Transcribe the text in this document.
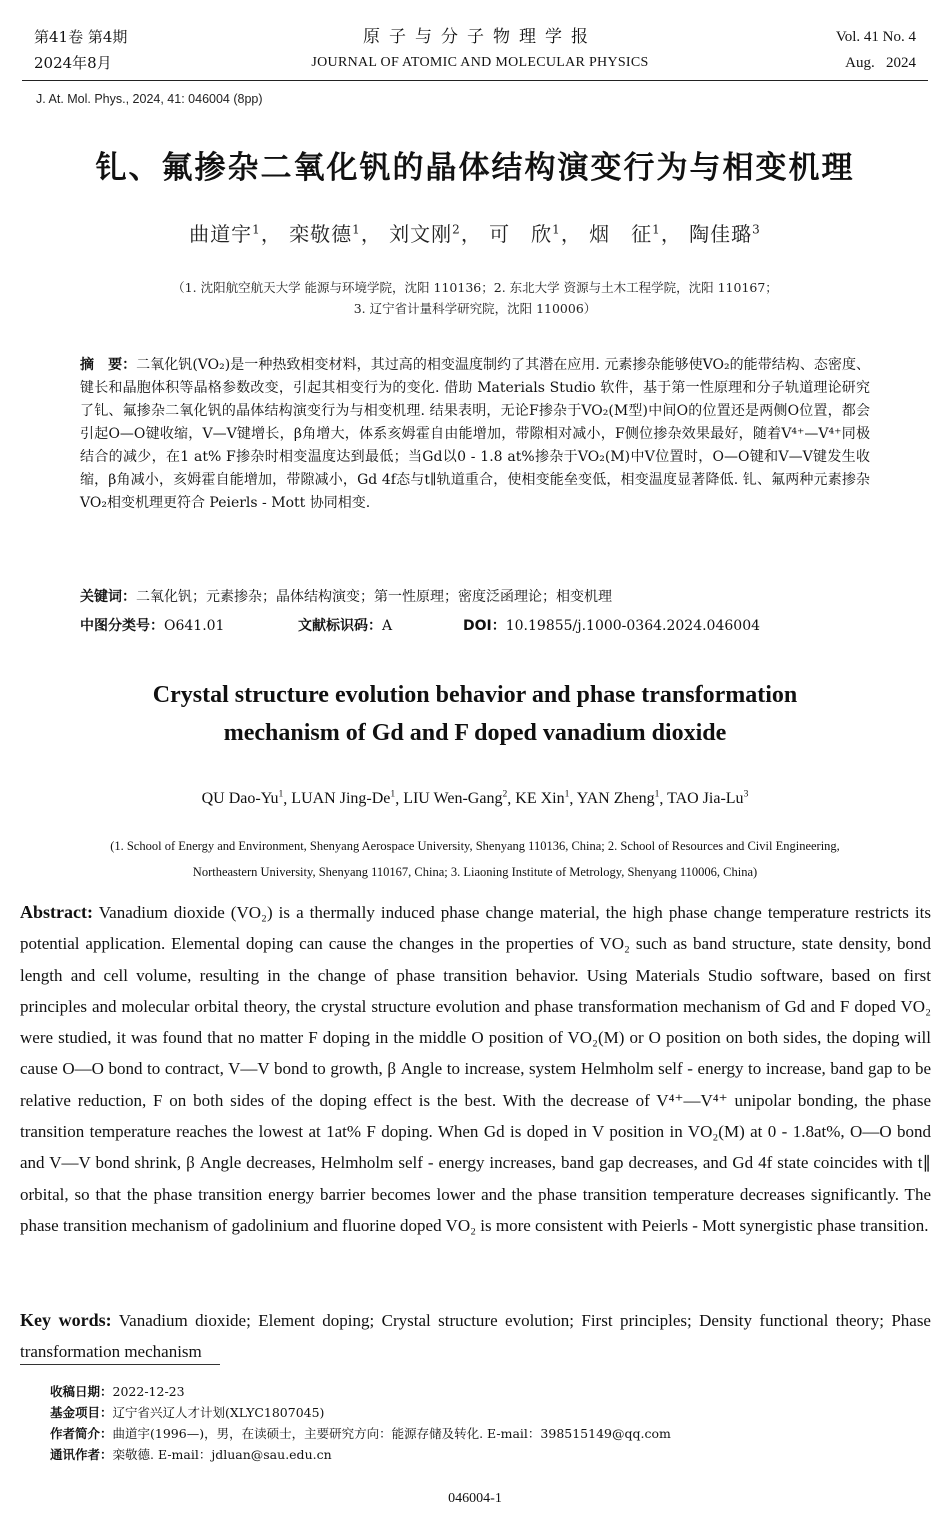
第41卷 第4期
2024年8月
原子与分子物理学报
JOURNAL OF ATOMIC AND MOLECULAR PHYSICS
Vol. 41 No. 4
Aug.   2024
J. At. Mol. Phys., 2024, 41: 046004 (8pp)
钆、氟掺杂二氧化钒的晶体结构演变行为与相变机理
曲道宇$^1$， 栾敬德$^1$， 刘文刚$^2$， 可　欣$^1$， 烟　征$^1$， 陶佳璐$^3$
（1. 沈阳航空航天大学 能源与环境学院，沈阳 110136；2. 东北大学 资源与土木工程学院，沈阳 110167；
3. 辽宁省计量科学研究院，沈阳 110006）
摘　要：二氧化钒(VO₂)是一种热致相变材料，其过高的相变温度制约了其潜在应用. 元素掺杂能够使VO₂的能带结构、态密度、键长和晶胞体积等晶格参数改变，引起其相变行为的变化. 借助 Materials Studio 软件，基于第一性原理和分子轨道理论研究了钆、氟掺杂二氧化钒的晶体结构演变行为与相变机理. 结果表明，无论F掺杂于VO₂(M型)中间O的位置还是两侧O位置，都会引起O—O键收缩，V—V键增长，β角增大，体系亥姆霍自由能增加，带隙相对减小，F侧位掺杂效果最好，随着V⁴⁺—V⁴⁺同极结合的减少，在1 at% F掺杂时相变温度达到最低；当Gd以0 - 1.8 at%掺杂于VO₂(M)中V位置时，O—O键和V—V键发生收缩，β角减小，亥姆霍自能增加，带隙减小，Gd 4f态与t∥轨道重合，使相变能垒变低，相变温度显著降低. 钆、氟两种元素掺杂VO₂相变机理更符合 Peierls - Mott 协同相变.
关键词：二氧化钒；元素掺杂；晶体结构演变；第一性原理；密度泛函理论；相变机理
中图分类号：O641.01	文献标识码：A	DOI：10.19855/j.1000-0364.2024.046004
Crystal structure evolution behavior and phase transformation
mechanism of Gd and F doped vanadium dioxide
QU Dao-Yu$^1$, LUAN Jing-De$^1$, LIU Wen-Gang$^2$, KE Xin$^1$, YAN Zheng$^1$, TAO Jia-Lu$^3$
(1. School of Energy and Environment, Shenyang Aerospace University, Shenyang 110136, China; 2. School of Resources and Civil Engineering,
Northeastern University, Shenyang 110167, China; 3. Liaoning Institute of Metrology, Shenyang 110006, China)
Abstract: Vanadium dioxide (VO₂) is a thermally induced phase change material, the high phase change temperature restricts its potential application. Elemental doping can cause the changes in the properties of VO₂ such as band structure, state density, bond length and cell volume, resulting in the change of phase transition behavior. Using Materials Studio software, based on first principles and molecular orbital theory, the crystal structure evolution and phase transformation mechanism of Gd and F doped VO₂ were studied, it was found that no matter F doping in the middle O position of VO₂(M) or O position on both sides, the doping will cause O—O bond to contract, V—V bond to growth, β Angle to increase, system Helmholm self - energy to increase, band gap to be relative reduction, F on both sides of the doping effect is the best. With the decrease of V⁴⁺—V⁴⁺ unipolar bonding, the phase transition temperature reaches the lowest at 1at% F doping. When Gd is doped in V position in VO₂(M) at 0 - 1.8at%, O—O bond and V—V bond shrink, β Angle decreases, Helmholm self - energy increases, band gap decreases, and Gd 4f state coincides with t∥ orbital, so that the phase transition energy barrier becomes lower and the phase transition temperature decreases significantly. The phase transition mechanism of gadolinium and fluorine doped VO₂ is more consistent with Peierls - Mott synergistic phase transition.
Key words: Vanadium dioxide; Element doping; Crystal structure evolution; First principles; Density functional theory; Phase transformation mechanism
收稿日期：2022-12-23
基金项目：辽宁省兴辽人才计划(XLYC1807045)
作者简介：曲道宇(1996—)，男，在读硕士，主要研究方向：能源存储及转化. E-mail：398515149@qq.com
通讯作者：栾敬德. E-mail：jdluan@sau.edu.cn
046004-1
